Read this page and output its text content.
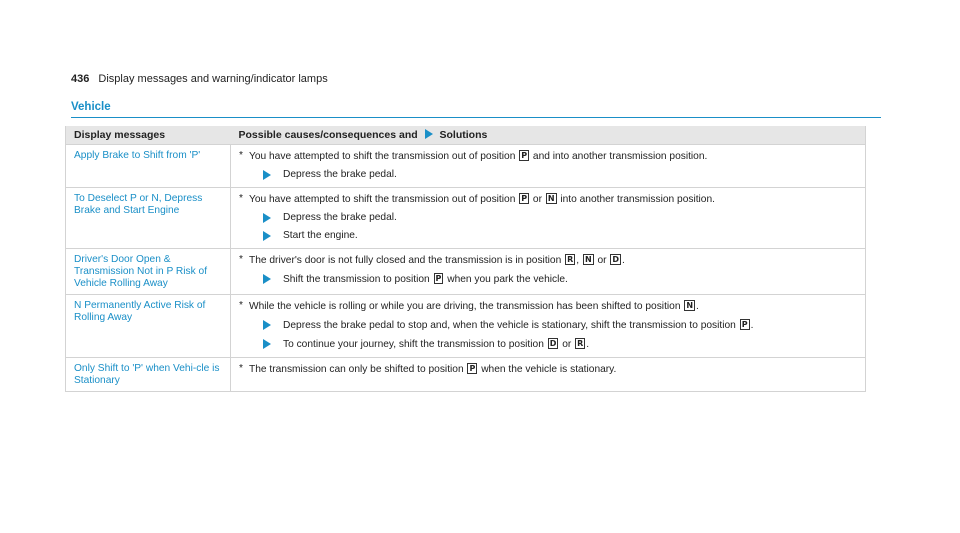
436 Display messages and warning/indicator lamps
Vehicle
Display messages	Possible causes/consequences and Solutions
Apply Brake to Shift from 'P'	* You have attempted to shift the transmission out of position P and into another transmission position.
Depress the brake pedal.

To Deselect P or N, Depress Brake and Start Engine	* You have attempted to shift the transmission out of position P or N into another transmission position.
Depress the brake pedal.
Start the engine.

Driver's Door Open & Transmission Not in P Risk of Vehicle Rolling Away	* The driver's door is not fully closed and the transmission is in position R , N or D .
Shift the transmission to position P when you park the vehicle.

N Permanently Active Risk of Rolling Away	* While the vehicle is rolling or while you are driving, the transmission has been shifted to position N .
Depress the brake pedal to stop and, when the vehicle is stationary, shift the transmission to position P .
To continue your journey, shift the transmission to position D or R .

Only Shift to 'P' when Vehi-cle is Stationary	* The transmission can only be shifted to position P when the vehicle is stationary.
